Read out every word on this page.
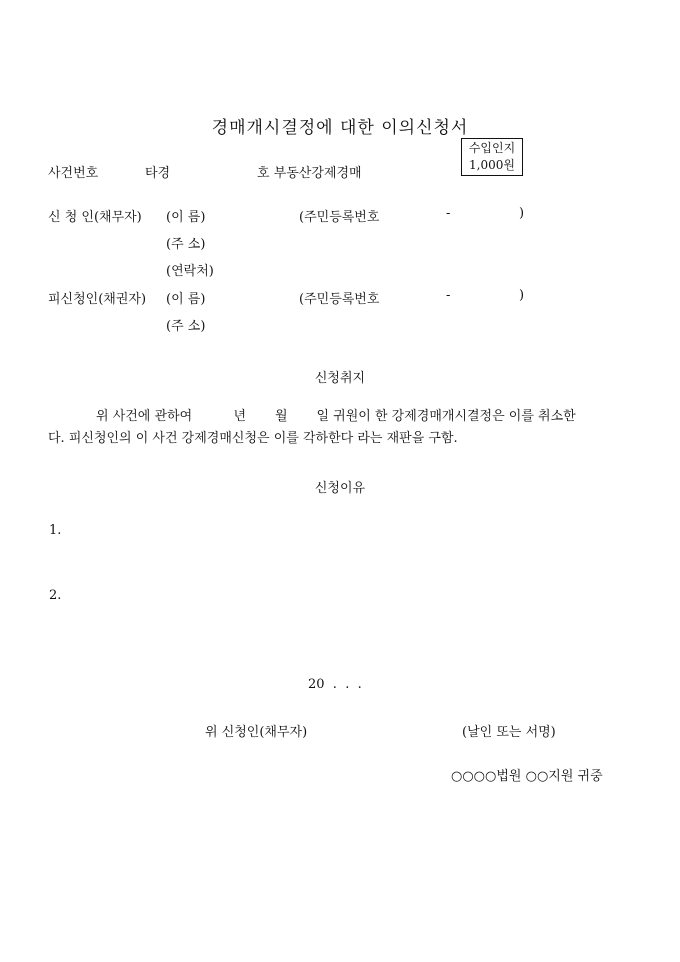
경매개시결정에 대한 이의신청서
수입인지
1,000원
사건번호	타경	호 부동산강제경매
신 청 인(채무자) (이 름)	(주민등록번호	-	)
(주 소)
(연락처)
피신청인(채권자) (이 름)	(주민등록번호	-	)
(주 소)
신청취지
위 사건에 관하여          년       월       일 귀원이 한 강제경매개시결정은 이를 취소한
다. 피신청인의 이 사건 강제경매신청은 이를 각하한다 라는 재판을 구함.
신청이유
1.
2.
20  .  .  .
위 신청인(채무자)	(날인 또는 서명)
○○○○법원 ○○지원 귀중
